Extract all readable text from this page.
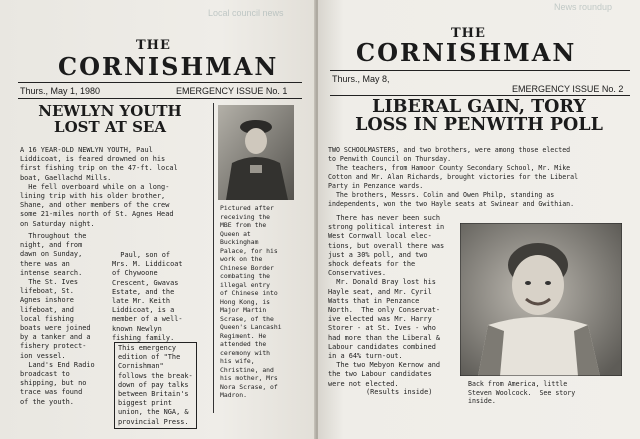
Local council news
THE
CORNISHMAN
Thurs., May 1, 1980	EMERGENCY ISSUE No. 1
NEWLYN YOUTH
LOST AT SEA
Pictured after
receiving the
MBE from the
Queen at
Buckingham
Palace, for his
work on the
Chinese Border
combating the
illegal entry
of Chinese into
Hong Kong, is
Major Martin
Scrase, of the
Queen's Lancashi
Regiment. He
attended the
ceremony with
his wife,
Christine, and
his mother, Mrs
Nora Scrase, of
Madron.
A 16 YEAR-OLD NEWLYN YOUTH, Paul
Liddicoat, is feared drowned on his
first fishing trip on the 47-ft. local
boat, Gaellachd Mills.
He fell overboard while on a long-
lining trip with his older brother,
Shane, and other members of the crew
some 21-miles north of St. Agnes Head
on Saturday night.
Throughout the
night, and from
dawn on Sunday,
there was an
intense search.
The St. Ives
lifeboat, St.
Agnes inshore
lifeboat, and
local fishing
boats were joined
by a tanker and a
fishery protect-
ion vessel.
Land's End Radio
broadcast to
shipping, but no
trace was found
of the youth.
Paul, son of
Mrs. M. Liddicoat
of Chywoone
Crescent, Gwavas
Estate, and the
late Mr. Keith
Liddicoat, is a
member of a well-
known Newlyn
fishing family.
This emergency
edition of "The
Cornishman"
follows the break-
down of pay talks
between Britain's
biggest print
union, the NGA, &
provincial Press.
News roundup
THE
CORNISHMAN
Thurs., May 8,
EMERGENCY ISSUE No. 2
LIBERAL GAIN, TORY
LOSS IN PENWITH POLL
TWO SCHOOLMASTERS, and two brothers, were among those elected
to Penwith Council on Thursday.
The teachers, from Hamoor County Secondary School, Mr. Mike
Cotton and Mr. Alan Richards, brought victories for the Liberal
Party in Penzance wards.
The brothers, Messrs. Colin and Owen Philp, standing as
independents, won the two Hayle seats at Swinear and Gwithian.
There has never been such
strong political interest in
West Cornwall local elec-
tions, but overall there was
just a 30% poll, and two
shock defeats for the
Conservatives.
Mr. Donald Bray lost his
Hayle seat, and Mr. Cyril
Watts that in Penzance
North.  The only Conservat-
ive elected was Mr. Harry
Storer - at St. Ives - who
had more than the Liberal &
Labour candidates combined
in a 64% turn-out.
The two Mebyon Kernow and
the two Labour candidates
were not elected.
(Results inside)
Back from America, little
Steven Woolcock.  See story
inside.
